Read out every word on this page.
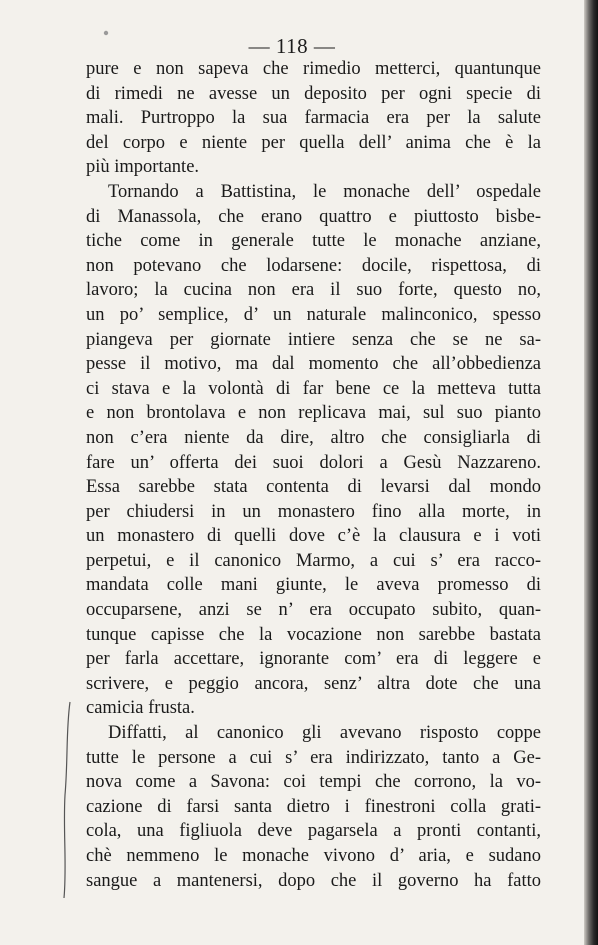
— 118 —
pure e non sapeva che rimedio metterci, quantunque
di rimedi ne avesse un deposito per ogni specie di
mali. Purtroppo la sua farmacia era per la salute
del corpo e niente per quella dell’ anima che è la
più importante.
Tornando a Battistina, le monache dell’ ospedale
di Manassola, che erano quattro e piuttosto bisbe-
tiche come in generale tutte le monache anziane,
non potevano che lodarsene: docile, rispettosa, di
lavoro; la cucina non era il suo forte, questo no,
un po’ semplice, d’ un naturale malinconico, spesso
piangeva per giornate intiere senza che se ne sa-
pesse il motivo, ma dal momento che all’obbedienza
ci stava e la volontà di far bene ce la metteva tutta
e non brontolava e non replicava mai, sul suo pianto
non c’era niente da dire, altro che consigliarla di
fare un’ offerta dei suoi dolori a Gesù Nazzareno.
Essa sarebbe stata contenta di levarsi dal mondo
per chiudersi in un monastero fino alla morte, in
un monastero di quelli dove c’è la clausura e i voti
perpetui, e il canonico Marmo, a cui s’ era racco-
mandata colle mani giunte, le aveva promesso di
occuparsene, anzi se n’ era occupato subito, quan-
tunque capisse che la vocazione non sarebbe bastata
per farla accettare, ignorante com’ era di leggere e
scrivere, e peggio ancora, senz’ altra dote che una
camicia frusta.
Diffatti, al canonico gli avevano risposto coppe
tutte le persone a cui s’ era indirizzato, tanto a Ge-
nova come a Savona: coi tempi che corrono, la vo-
cazione di farsi santa dietro i finestroni colla grati-
cola, una figliuola deve pagarsela a pronti contanti,
chè nemmeno le monache vivono d’ aria, e sudano
sangue a mantenersi, dopo che il governo ha fatto
